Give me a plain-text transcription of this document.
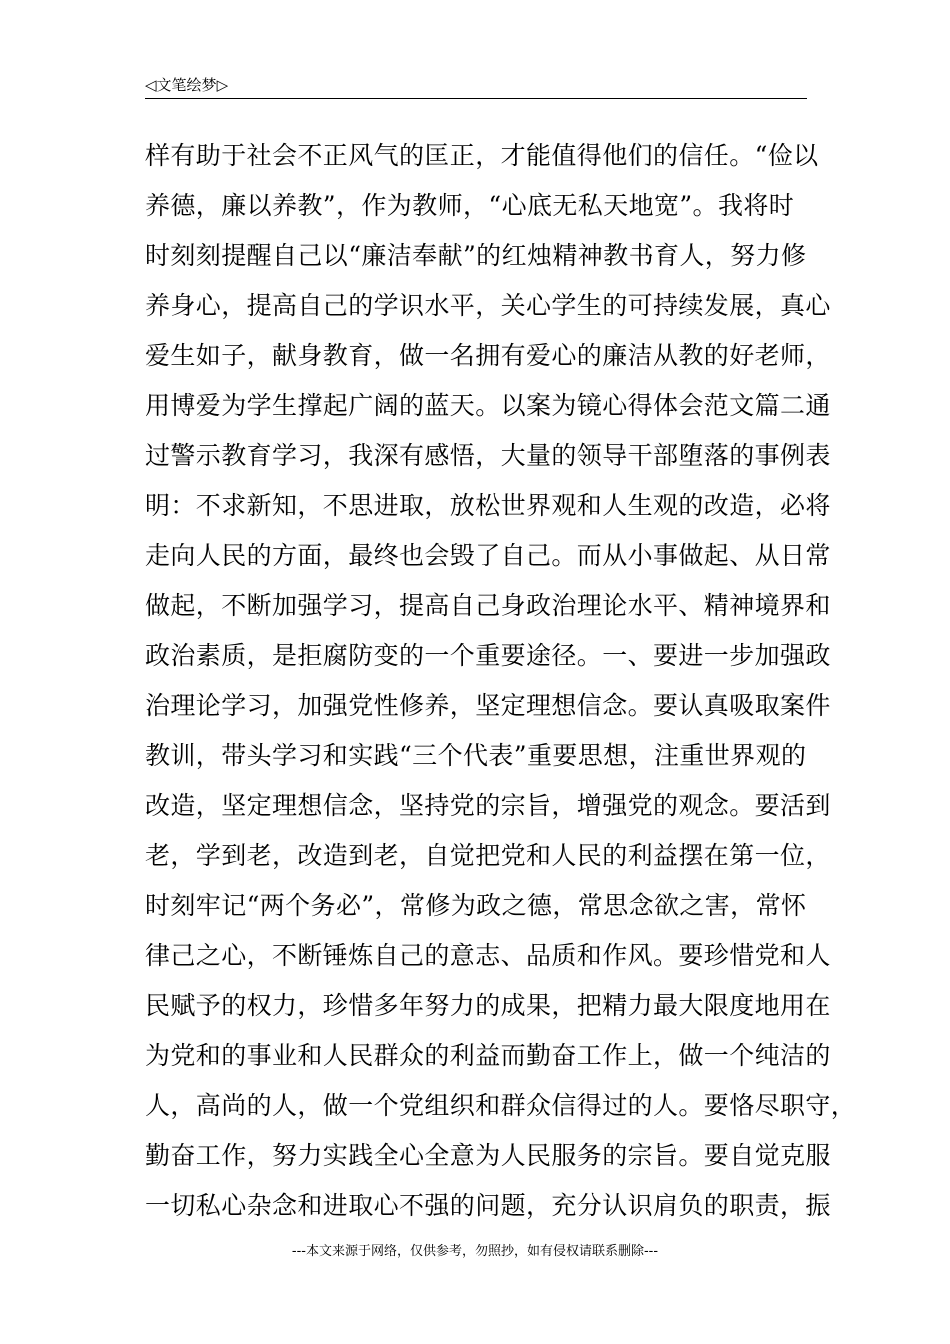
◁ 文笔绘梦 ▷
样有助于社会不正风气的匡正，才能值得他们的信任。“俭以
养德，廉以养教”，作为教师，“心底无私天地宽”。我将时
时刻刻提醒自己以“廉洁奉献”的红烛精神教书育人，努力修
养身心，提高自己的学识水平，关心学生的可持续发展，真心
爱生如子，献身教育，做一名拥有爱心的廉洁从教的好老师，
用博爱为学生撑起广阔的蓝天。以案为镜心得体会范文篇二通
过警示教育学习，我深有感悟，大量的领导干部堕落的事例表
明：不求新知，不思进取，放松世界观和人生观的改造，必将
走向人民的方面，最终也会毁了自己。而从小事做起、从日常
做起，不断加强学习，提高自己身政治理论水平、精神境界和
政治素质，是拒腐防变的一个重要途径。一、要进一步加强政
治理论学习，加强党性修养，坚定理想信念。要认真吸取案件
教训，带头学习和实践“三个代表”重要思想，注重世界观的
改造，坚定理想信念，坚持党的宗旨，增强党的观念。要活到
老，学到老，改造到老，自觉把党和人民的利益摆在第一位，
时刻牢记“两个务必”，常修为政之德，常思念欲之害，常怀
律己之心，不断锤炼自己的意志、品质和作风。要珍惜党和人
民赋予的权力，珍惜多年努力的成果，把精力最大限度地用在
为党和的事业和人民群众的利益而勤奋工作上，做一个纯洁的
人，高尚的人，做一个党组织和群众信得过的人。要恪尽职守，
勤奋工作，努力实践全心全意为人民服务的宗旨。要自觉克服
一切私心杂念和进取心不强的问题，充分认识肩负的职责，振
---本文来源于网络，仅供参考，勿照抄，如有侵权请联系删除---
